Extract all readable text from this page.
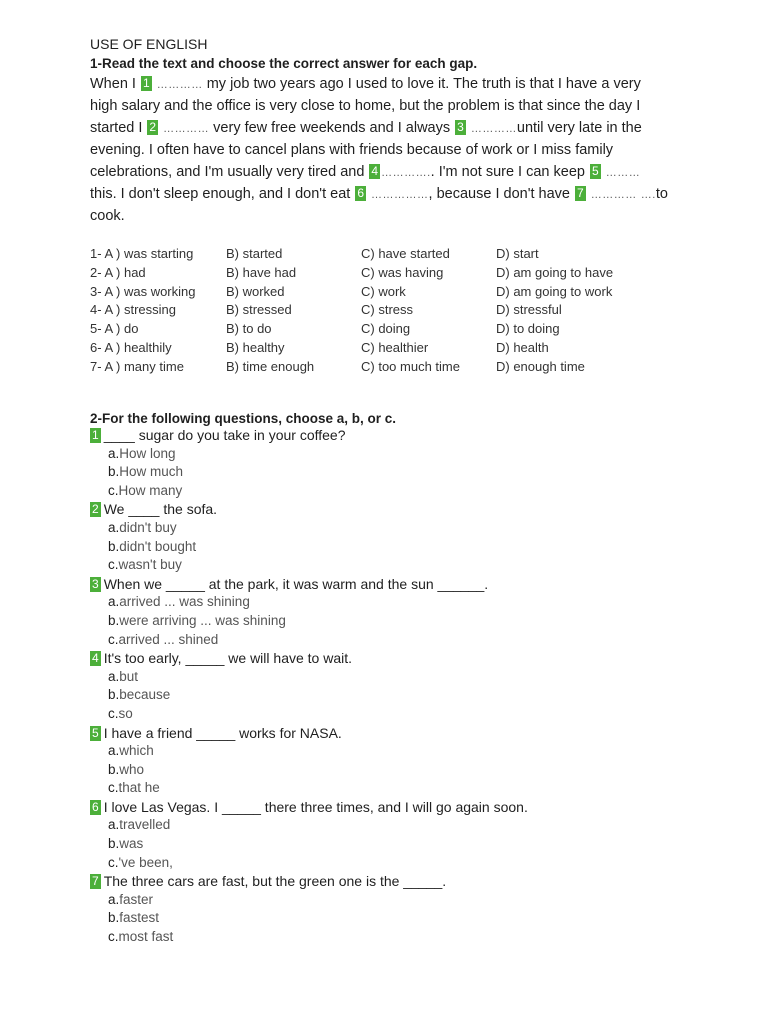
USE OF ENGLISH
1-Read the text and choose the correct answer for each gap.
When I 1 ………… my job two years ago I used to love it. The truth is that I have a very high salary and the office is very close to home, but the problem is that since the day I started I 2 ………… very few free weekends and I always 3 …………until very late in the evening. I often have to cancel plans with friends because of work or I miss family celebrations, and I'm usually very tired and 4 ………….. I'm not sure I can keep 5 ……… this. I don't sleep enough, and I don't eat 6 ……………, because I don't have 7 ………… ….to cook.
1- A ) was starting	B) started	C) have started	D) start
2- A ) had	B) have had	C) was having	D) am going to have
3- A ) was working B) worked	C) work	D) am going to work
4- A ) stressing	B) stressed	C) stress	D) stressful
5- A ) do	B) to do	C) doing	D) to doing
6- A ) healthily	B) healthy	C) healthier	D) health
7- A ) many time	B) time enough	C) too much time	D) enough time
2-For the following questions, choose a, b, or c.
1 ____ sugar do you take in your coffee?
a.How long
b.How much
c.How many
2 We ____ the sofa.
a.didn't buy
b.didn't bought
c.wasn't buy
3 When we _____ at the park, it was warm and the sun ______.
a.arrived ... was shining
b.were arriving ... was shining
c.arrived ... shined
4 It's too early, _____ we will have to wait.
a.but
b.because
c.so
5 I have a friend _____ works for NASA.
a.which
b.who
c.that he
6 I love Las Vegas. I _____ there three times, and I will go again soon.
a.travelled
b.was
c.'ve been,
7 The three cars are fast, but the green one is the _____.
a.faster
b.fastest
c.most fast
